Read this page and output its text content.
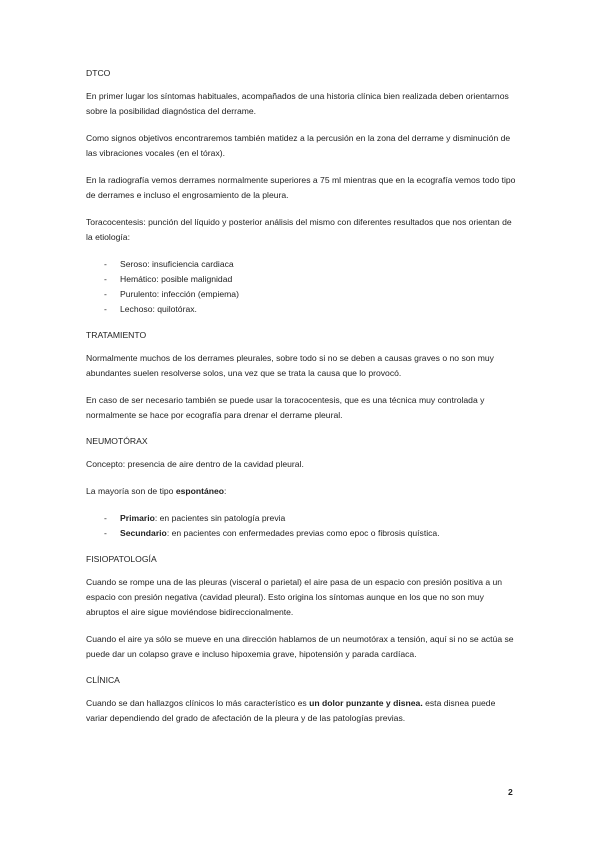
DTCO

En primer lugar los síntomas habituales, acompañados de una historia clínica bien realizada deben orientarnos sobre la posibilidad diagnóstica del derrame.

Como signos objetivos encontraremos también matidez a la percusión en la zona del derrame y disminución de las vibraciones vocales (en el tórax).

En la radiografía vemos derrames normalmente superiores a 75 ml mientras que en la ecografía vemos todo tipo de derrames e incluso el engrosamiento de la pleura.

Toracocentesis: punción del líquido y posterior análisis del mismo con diferentes resultados que nos orientan de la etiología:

- Seroso: insuficiencia cardiaca
- Hemático: posible malignidad
- Purulento: infección (empiema)
- Lechoso: quilotórax.
TRATAMIENTO

Normalmente muchos de los derrames pleurales, sobre todo si no se deben a causas graves o no son muy abundantes suelen resolverse solos, una vez que se trata la causa que lo provocó.

En caso de ser necesario también se puede usar la toracocentesis, que es una técnica muy controlada y normalmente se hace por ecografía para drenar el derrame pleural.

NEUMOTÓRAX

Concepto: presencia de aire dentro de la cavidad pleural.

La mayoría son de tipo espontáneo:

- Primario: en pacientes sin patología previa
- Secundario: en pacientes con enfermedades previas como epoc o fibrosis quística.
FISIOPATOLOGÍA

Cuando se rompe una de las pleuras (visceral o parietal) el aire pasa de un espacio con presión positiva a un espacio con presión negativa (cavidad pleural). Esto origina los síntomas aunque en los que no son muy abruptos el aire sigue moviéndose bidireccionalmente.

Cuando el aire ya sólo se mueve en una dirección hablamos de un neumotórax a tensión, aquí si no se actúa se puede dar un colapso grave e incluso hipoxemia grave, hipotensión y parada cardíaca.

CLÍNICA

Cuando se dan hallazgos clínicos lo más característico es un dolor punzante y disnea. esta disnea puede variar dependiendo del grado de afectación de la pleura y de las patologías previas.

2
